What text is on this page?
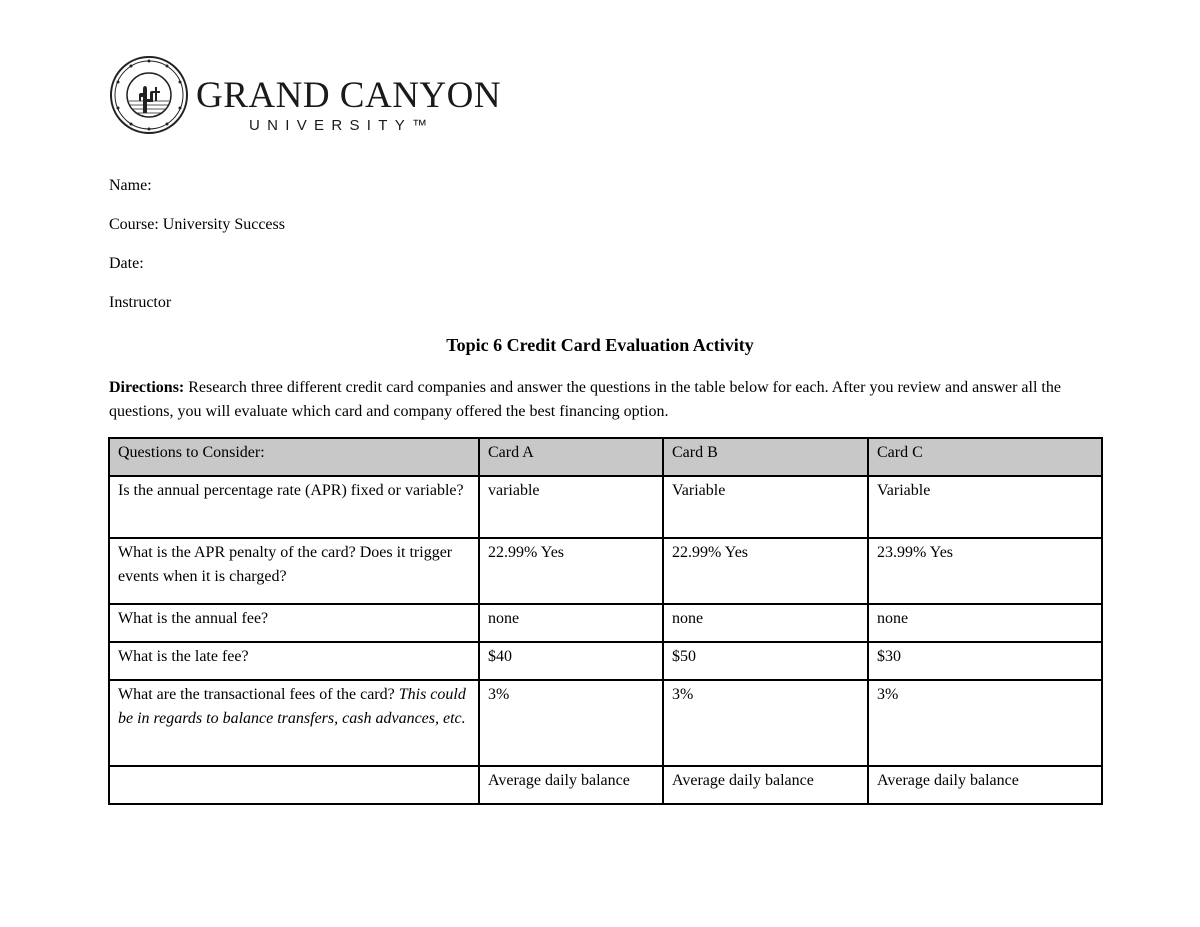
GRAND CANYON
UNIVERSITY™
Name:
Course: University Success
Date:
Instructor
Topic 6 Credit Card Evaluation Activity
Directions: Research three different credit card companies and answer the questions in the table below for each. After you review and answer all the questions, you will evaluate which card and company offered the best financing option.
Questions to Consider:	Card A	Card B	Card C
Is the annual percentage rate (APR) fixed or variable?	variable	Variable	Variable
What is the APR penalty of the card? Does it trigger events when it is charged?	22.99% Yes	22.99% Yes	23.99% Yes
What is the annual fee?	none	none	none
What is the late fee?	$40	$50	$30
What are the transactional fees of the card? This could be in regards to balance transfers, cash advances, etc.	3%	3%	3%
	Average daily balance	Average daily balance	Average daily balance
